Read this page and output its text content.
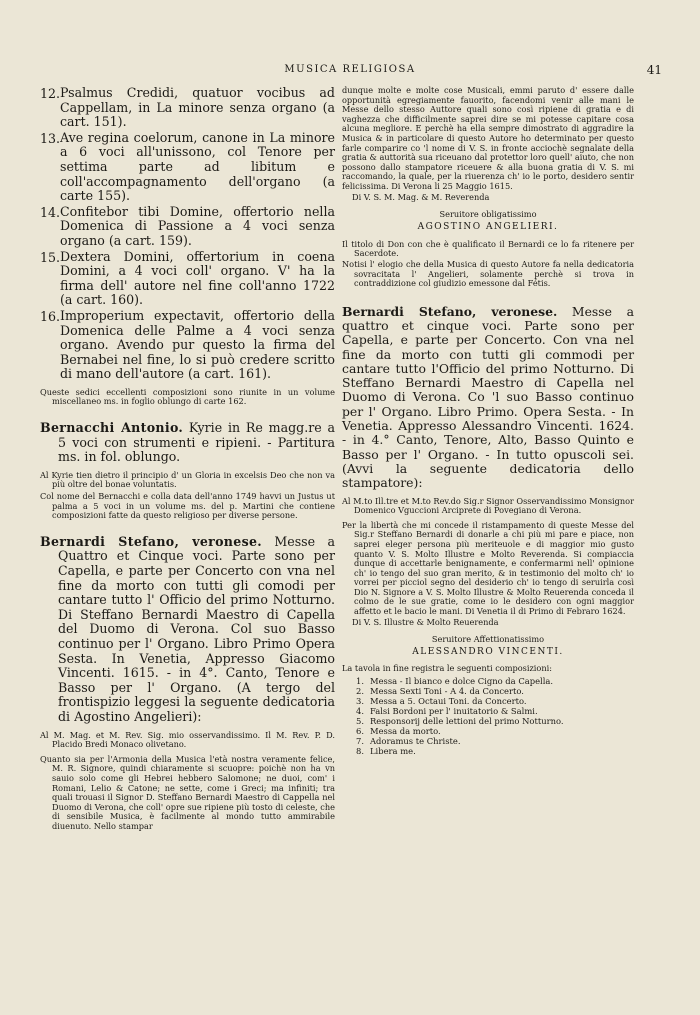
MUSICA RELIGIOSA	41
12. Psalmus Credidi, quatuor vocibus ad Cappellam, in La minore senza organo (a cart. 151).
13. Ave regina coelorum, canone in La minore a 6 voci all'unissono, col Tenore per settima parte ad libitum e coll'accompagnamento dell'organo (a carte 155).
14. Confitebor tibi Domine, offertorio nella Domenica di Passione a 4 voci senza organo (a cart. 159).
15. Dextera Domini, offertorium in coena Domini, a 4 voci coll' organo. V' ha la firma dell' autore nel fine coll'anno 1722 (a cart. 160).
16. Improperium expectavit, offertorio della Domenica delle Palme a 4 voci senza organo. Avendo pur questo la firma del Bernabei nel fine, lo si può credere scritto di mano dell'autore (a cart. 161).

Queste sedici eccellenti composizioni sono riunite in un volume miscellaneo ms. in foglio oblungo di carte 162.

Bernacchi Antonio. Kyrie in Re magg.re a 5 voci con strumenti e ripieni. - Partitura ms. in fol. oblungo.

Al Kyrie tien dietro il principio d' un Gloria in excelsis Deo che non va più oltre del bonae voluntatis.

Col nome del Bernacchi e colla data dell'anno 1749 havvi un Justus ut palma a 5 voci in un volume ms. del p. Martini che contiene composizioni fatte da questo religioso per diverse persone.

Bernardi Stefano, veronese. Messe a Quattro et Cinque voci. Parte sono per Capella, e parte per Concerto con vna nel fine da morto con tutti gli comodi per cantare tutto l' Officio del primo Notturno. Di Steffano Bernardi Maestro di Capella del Duomo di Verona. Col suo Basso continuo per l' Organo. Libro Primo Opera Sesta. In Venetia, Appresso Giacomo Vincenti. 1615. - in 4°. Canto, Tenore e Basso per l' Organo. (A tergo del frontispizio leggesi la seguente dedicatoria di Agostino Angelieri):

Al M. Mag. et M. Rev. Sig. mio osservandissimo. Il M. Rev. P. D. Placido Bredi Monaco olivetano.

Quanto sia per l'Armonia della Musica l'età nostra veramente felice, M. R. Signore, quindi chiaramente si scuopre: poichè non ha vn sauio solo come gli Hebrei hebbero Salomone; ne duoi, com' i Romani, Lelio & Catone; ne sette, come i Greci; ma infiniti; tra quali trouasi il Signor D. Steffano Bernardi Maestro di Cappella nel Duomo di Verona, che coll' opre sue ripiene più tosto di celeste, che di sensibile Musica, è facilmente al mondo tutto ammirabile diuenuto. Nello stampar

dunque molte e molte cose Musicali, emmi paruto d' essere dalle opportunità egregiamente fauorito, facendomi venir alle mani le Messe dello stesso Auttore quali sono così ripiene di gratia e di vaghezza che difficilmente saprei dire se mi potesse capitare cosa alcuna megliore. E perchè ha ella sempre dimostrato di aggradire la Musica & in particolare di questo Autore ho determinato per questo farle comparire co 'l nome di V. S. in fronte acciochè segnalate della gratia & auttorità sua riceuano dal protettor loro quell' aiuto, che non possono dallo stampatore riceuere & alla buona gratia di V. S. mi raccomando, la quale, per la riuerenza ch' io le porto, desidero sentir felicissima. Di Verona li 25 Maggio 1615.

Di V. S. M. Mag. & M. Reverenda

Seruitore obligatissimo

AGOSTINO ANGELIERI.

Il titolo di Don con che è qualificato il Bernardi ce lo fa ritenere per Sacerdote.

Notisi l' elogio che della Musica di questo Autore fa nella dedicatoria sovracitata l' Angelieri, solamente perchè si trova in contraddizione col giudizio emessone dal Fétis.

Bernardi Stefano, veronese. Messe a quattro et cinque voci. Parte sono per Capella, e parte per Concerto. Con vna nel fine da morto con tutti gli commodi per cantare tutto l'Officio del primo Notturno. Di Steffano Bernardi Maestro di Capella nel Duomo di Verona. Co 'l suo Basso continuo per l' Organo. Libro Primo. Opera Sesta. - In Venetia. Appresso Alessandro Vincenti. 1624. - in 4.° Canto, Tenore, Alto, Basso Quinto e Basso per l' Organo. - In tutto opuscoli sei. (Avvi la seguente dedicatoria dello stampatore):

Al M.to Ill.tre et M.to Rev.do Sig.r Signor Osservandissimo Monsignor Domenico Vguccioni Arciprete di Povegiano di Verona.

Per la libertà che mi concede il ristampamento di queste Messe del Sig.r Steffano Bernardi di donarle a chi più mi pare e piace, non saprei eleger persona più meriteuole e di maggior mio gusto quanto V. S. Molto Illustre e Molto Reverenda. Si compiaccia dunque di accettarle benignamente, e confermarmi nell' opinione ch' io tengo del suo gran merito, & in testimonio del molto ch' io vorrei per picciol segno del desiderio ch' io tengo di seruirla così Dio N. Signore a V. S. Molto Illustre & Molto Reuerenda conceda il colmo de le sue gratie, come io le desidero con ogni maggior affetto et le bacio le mani. Di Venetia il di Primo di Febraro 1624.

Di V. S. Illustre & Molto Reuerenda

Seruitore Affettionatissimo

ALESSANDRO VINCENTI.

La tavola in fine registra le seguenti composizioni:

1. Messa - Il bianco e dolce Cigno da Capella.
2. Messa Sexti Toni - A 4. da Concerto.
3. Messa a 5. Octaui Toni. da Concerto.
4. Falsi Bordoni per l' inuitatorio & Salmi.
5. Responsorij delle lettioni del primo Notturno.
6. Messa da morto.
7. Adoramus te Christe.
8. Libera me.
